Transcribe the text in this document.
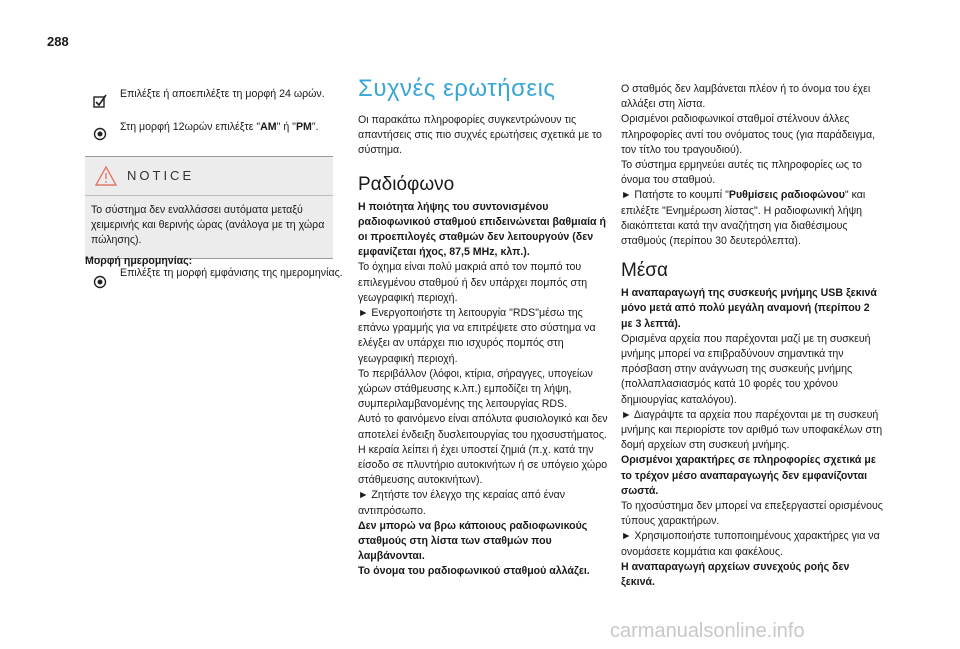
288
Επιλέξτε ή αποεπιλέξτε τη μορφή 24 ωρών.
Στη μορφή 12ωρών επιλέξτε "AM" ή "PM".
NOTICE
Το σύστημα δεν εναλλάσσει αυτόματα μεταξύ χειμερινής και θερινής ώρας (ανάλογα με τη χώρα πώλησης).
Μορφή ημερομηνίας:
Επιλέξτε τη μορφή εμφάνισης της ημερομηνίας.
Συχνές ερωτήσεις

Οι παρακάτω πληροφορίες συγκεντρώνουν τις απαντήσεις στις πιο συχνές ερωτήσεις σχετικά με το σύστημα.

Ραδιόφωνο

Η ποιότητα λήψης του συντονισμένου ραδιοφωνικού σταθμού επιδεινώνεται βαθμιαία ή οι προεπιλογές σταθμών δεν λειτουργούν (δεν εμφανίζεται ήχος, 87,5 MHz, κλπ.).

Το όχημα είναι πολύ μακριά από τον πομπό του επιλεγμένου σταθμού ή δεν υπάρχει πομπός στη γεωγραφική περιοχή.

► Ενεργοποιήστε τη λειτουργία "RDS"μέσω της επάνω γραμμής για να επιτρέψετε στο σύστημα να ελέγξει αν υπάρχει πιο ισχυρός πομπός στη γεωγραφική περιοχή.

Το περιβάλλον (λόφοι, κτίρια, σήραγγες, υπογείων χώρων στάθμευσης κ.λπ.) εμποδίζει τη λήψη, συμπεριλαμβανομένης της λειτουργίας RDS.

Αυτό το φαινόμενο είναι απόλυτα φυσιολογικό και δεν αποτελεί ένδειξη δυσλειτουργίας του ηχοσυστήματος.

Η κεραία λείπει ή έχει υποστεί ζημιά (π.χ. κατά την είσοδο σε πλυντήριο αυτοκινήτων ή σε υπόγειο χώρο στάθμευσης αυτοκινήτων).

► Ζητήστε τον έλεγχο της κεραίας από έναν αντιπρόσωπο.

Δεν μπορώ να βρω κάποιους ραδιοφωνικούς σταθμούς στη λίστα των σταθμών που λαμβάνονται.

Το όνομα του ραδιοφωνικού σταθμού αλλάζει.

Ο σταθμός δεν λαμβάνεται πλέον ή το όνομα του έχει αλλάξει στη λίστα.

Ορισμένοι ραδιοφωνικοί σταθμοί στέλνουν άλλες πληροφορίες αντί του ονόματος τους (για παράδειγμα, τον τίτλο του τραγουδιού).

Το σύστημα ερμηνεύει αυτές τις πληροφορίες ως το όνομα του σταθμού.

► Πατήστε το κουμπί "Ρυθμίσεις ραδιοφώνου" και επιλέξτε "Ενημέρωση λίστας". Η ραδιοφωνική λήψη διακόπτεται κατά την αναζήτηση για διαθέσιμους σταθμούς (περίπου 30 δευτερόλεπτα).

Μέσα

Η αναπαραγωγή της συσκευής μνήμης USB ξεκινά μόνο μετά από πολύ μεγάλη αναμονή (περίπου 2 με 3 λεπτά).

Ορισμένα αρχεία που παρέχονται μαζί με τη συσκευή μνήμης μπορεί να επιβραδύνουν σημαντικά την πρόσβαση στην ανάγνωση της συσκευής μνήμης (πολλαπλασιασμός κατά 10 φορές του χρόνου δημιουργίας καταλόγου).

► Διαγράψτε τα αρχεία που παρέχονται με τη συσκευή μνήμης και περιορίστε τον αριθμό των υποφακέλων στη δομή αρχείων στη συσκευή μνήμης.

Ορισμένοι χαρακτήρες σε πληροφορίες σχετικά με το τρέχον μέσο αναπαραγωγής δεν εμφανίζονται σωστά.

Το ηχοσύστημα δεν μπορεί να επεξεργαστεί ορισμένους τύπους χαρακτήρων.

► Χρησιμοποιήστε τυποποιημένους χαρακτήρες για να ονομάσετε κομμάτια και φακέλους.

Η αναπαραγωγή αρχείων συνεχούς ροής δεν ξεκινά.

carmanualsonline.info
